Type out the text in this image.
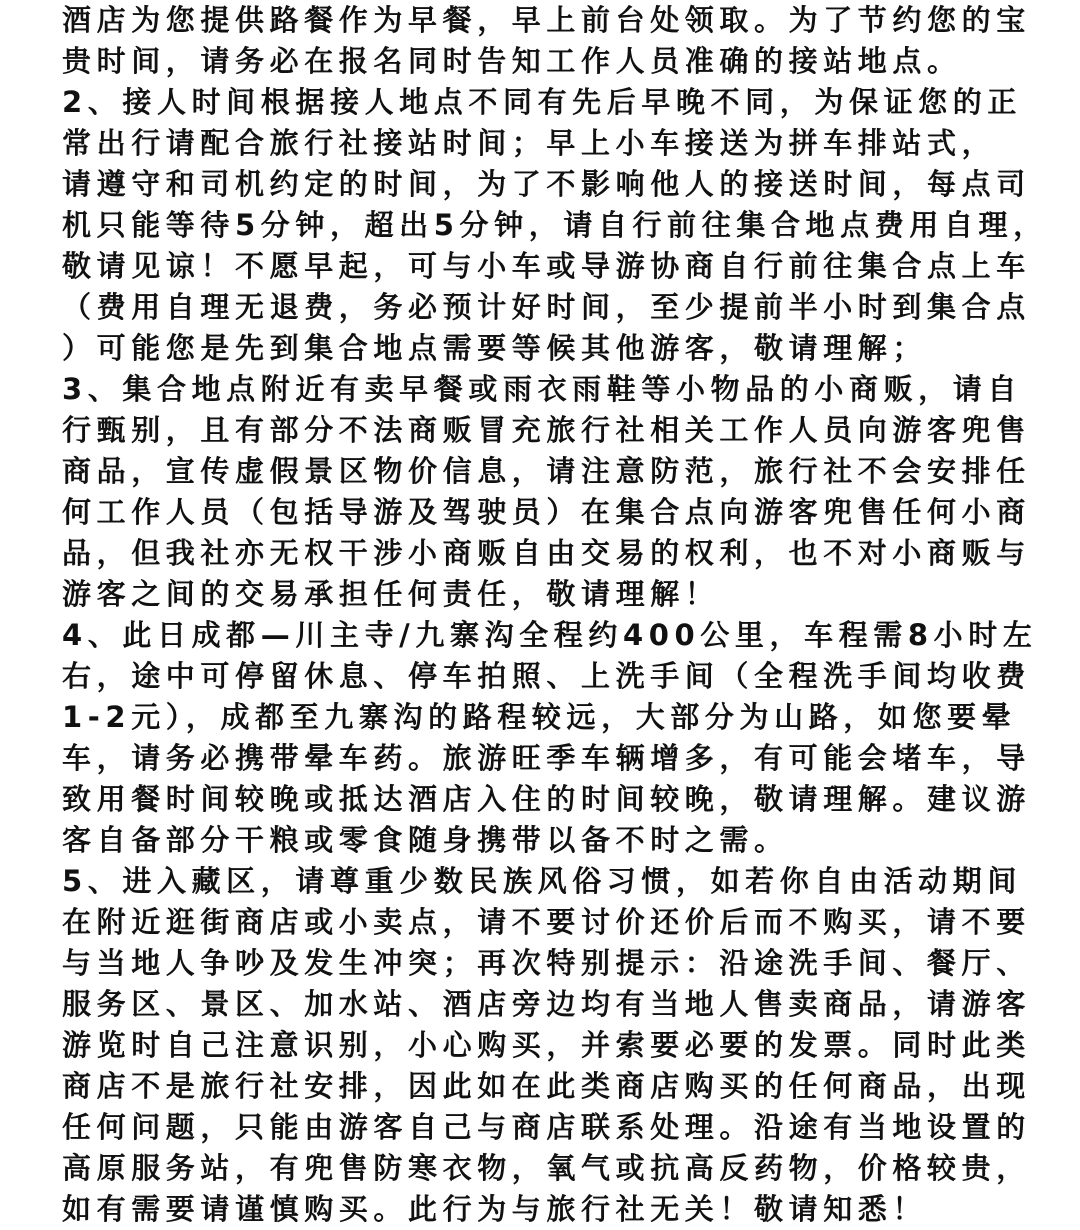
酒店为您提供路餐作为早餐，早上前台处领取。为了节约您的宝
贵时间，请务必在报名同时告知工作人员准确的接站地点。
2、接人时间根据接人地点不同有先后早晚不同，为保证您的正
常出行请配合旅行社接站时间；早上小车接送为拼车排站式，
请遵守和司机约定的时间，为了不影响他人的接送时间，每点司
机只能等待5分钟，超出5分钟，请自行前往集合地点费用自理，
敬请见谅！不愿早起，可与小车或导游协商自行前往集合点上车
（费用自理无退费，务必预计好时间，至少提前半小时到集合点
）可能您是先到集合地点需要等候其他游客，敬请理解；
3、集合地点附近有卖早餐或雨衣雨鞋等小物品的小商贩，请自
行甄别，且有部分不法商贩冒充旅行社相关工作人员向游客兜售
商品，宣传虚假景区物价信息，请注意防范，旅行社不会安排任
何工作人员（包括导游及驾驶员）在集合点向游客兜售任何小商
品，但我社亦无权干涉小商贩自由交易的权利，也不对小商贩与
游客之间的交易承担任何责任，敬请理解！
4、此日成都—川主寺/九寨沟全程约400公里，车程需8小时左
右，途中可停留休息、停车拍照、上洗手间（全程洗手间均收费
1-2元），成都至九寨沟的路程较远，大部分为山路，如您要晕
车，请务必携带晕车药。旅游旺季车辆增多，有可能会堵车，导
致用餐时间较晚或抵达酒店入住的时间较晚，敬请理解。建议游
客自备部分干粮或零食随身携带以备不时之需。
5、进入藏区，请尊重少数民族风俗习惯，如若你自由活动期间
在附近逛街商店或小卖点，请不要讨价还价后而不购买，请不要
与当地人争吵及发生冲突；再次特别提示：沿途洗手间、餐厅、
服务区、景区、加水站、酒店旁边均有当地人售卖商品，请游客
游览时自己注意识别，小心购买，并索要必要的发票。同时此类
商店不是旅行社安排，因此如在此类商店购买的任何商品，出现
任何问题，只能由游客自己与商店联系处理。沿途有当地设置的
高原服务站，有兜售防寒衣物，氧气或抗高反药物，价格较贵，
如有需要请谨慎购买。此行为与旅行社无关！敬请知悉！
